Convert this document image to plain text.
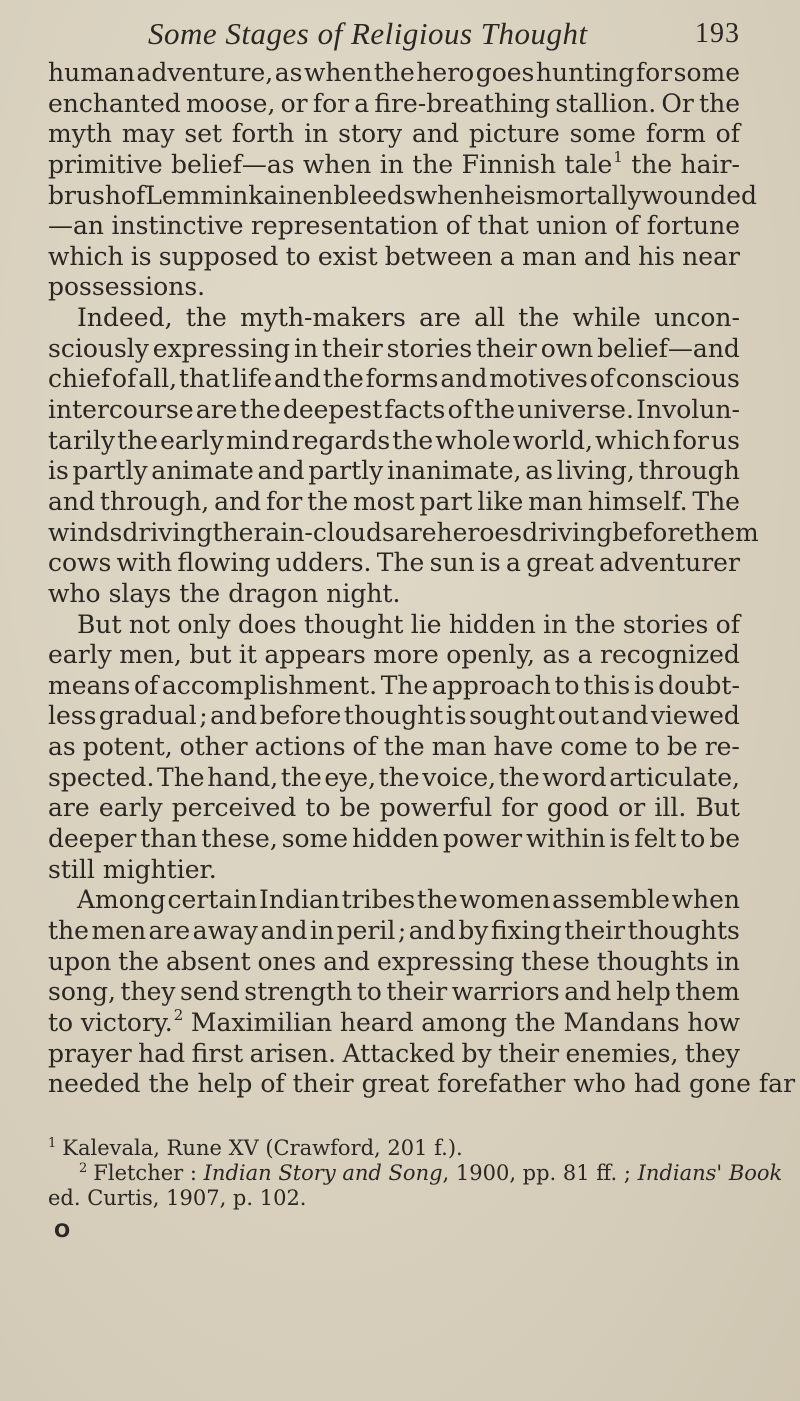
Some Stages of Religious Thought	193
human adventure, as when the hero goes hunting for some
enchanted moose, or for a fire-breathing stallion. Or the
myth may set forth in story and picture some form of
primitive belief—as when in the Finnish tale$^1$ the hair-
brush of Lemminkainen bleeds when he is mortally wounded
—an instinctive representation of that union of fortune
which is supposed to exist between a man and his near
possessions.
Indeed, the myth-makers are all the while uncon-
sciously expressing in their stories their own belief—and
chief of all, that life and the forms and motives of conscious
intercourse are the deepest facts of the universe. Involun-
tarily the early mind regards the whole world, which for us
is partly animate and partly inanimate, as living, through
and through, and for the most part like man himself. The
winds driving the rain-clouds are heroes driving before them
cows with flowing udders. The sun is a great adventurer
who slays the dragon night.
But not only does thought lie hidden in the stories of
early men, but it appears more openly, as a recognized
means of accomplishment. The approach to this is doubt-
less gradual ; and before thought is sought out and viewed
as potent, other actions of the man have come to be re-
spected. The hand, the eye, the voice, the word articulate,
are early perceived to be powerful for good or ill. But
deeper than these, some hidden power within is felt to be
still mightier.
Among certain Indian tribes the women assemble when
the men are away and in peril ; and by fixing their thoughts
upon the absent ones and expressing these thoughts in
song, they send strength to their warriors and help them
to victory.$^2$ Maximilian heard among the Mandans how
prayer had first arisen. Attacked by their enemies, they
needed the help of their great forefather who had gone far
$^1$ Kalevala, Rune XV (Crawford, 201 f.).
$^2$ Fletcher : Indian Story and Song, 1900, pp. 81 ff. ; Indians' Book
ed. Curtis, 1907, p. 102.
O
